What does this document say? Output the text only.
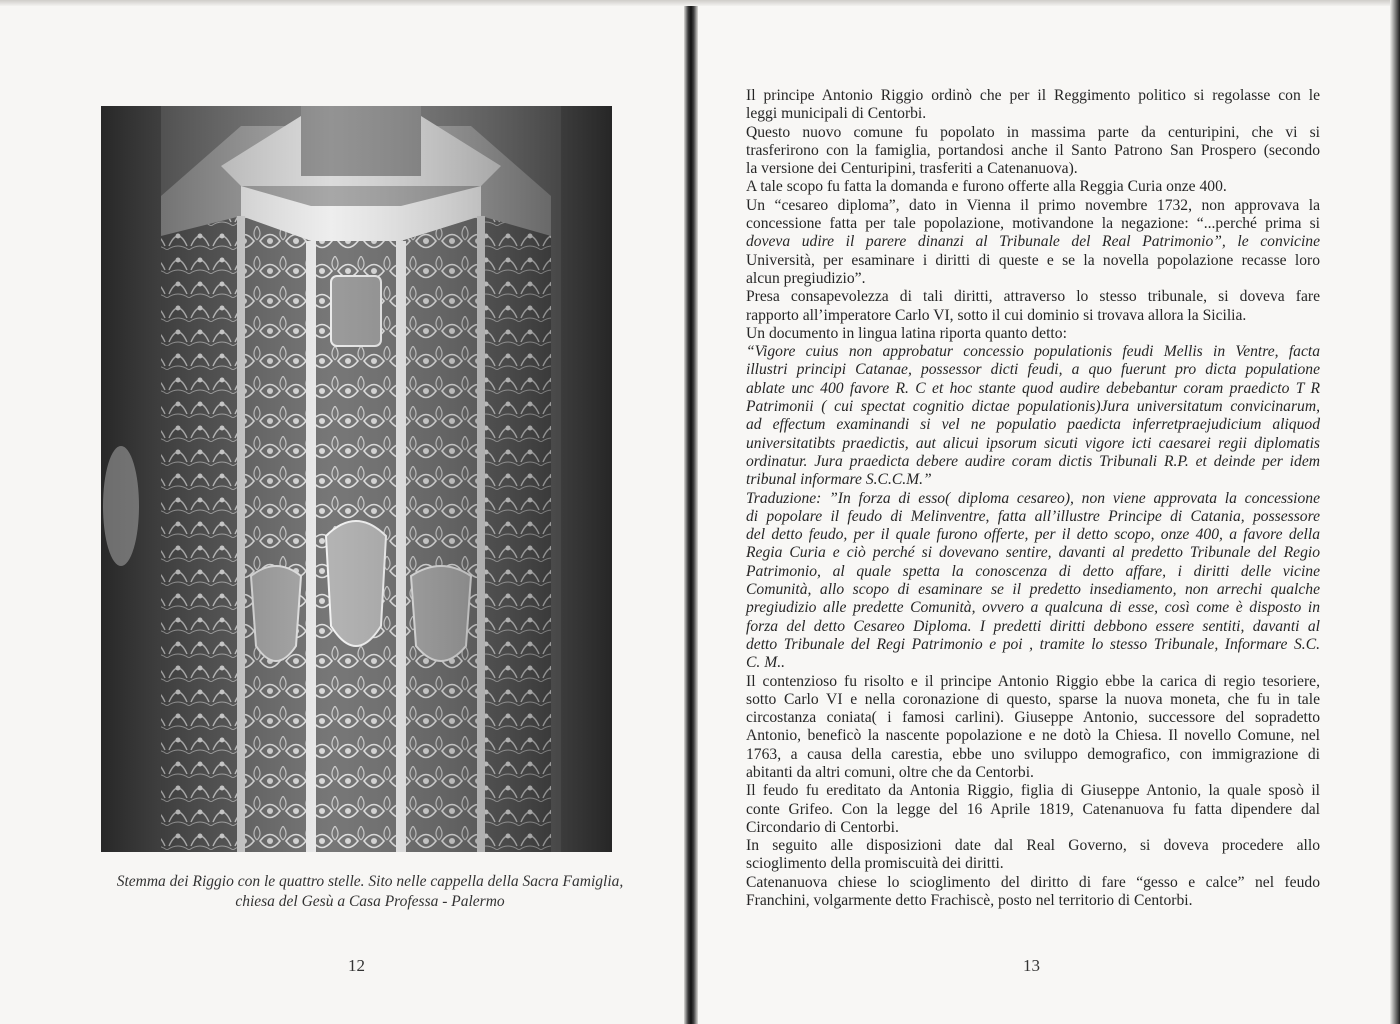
Stemma dei Riggio con le quattro stelle. Sito nelle cappella della Sacra Famiglia,
chiesa del Gesù a Casa Professa - Palermo
12
Il principe Antonio Riggio ordinò che per il Reggimento politico si regolasse con le
leggi municipali di Centorbi.
Questo nuovo comune fu popolato in massima parte da centuripini, che vi si
trasferirono con la famiglia, portandosi anche il Santo Patrono San Prospero (secondo
la versione dei Centuripini, trasferiti a Catenanuova).
A tale scopo fu fatta la domanda e furono offerte alla Reggia Curia onze 400.
Un “cesareo diploma”, dato in Vienna il primo novembre 1732, non approvava la
concessione fatta per tale popolazione, motivandone la negazione: “...perché prima si
doveva udire il parere dinanzi al Tribunale del Real Patrimonio”, le convicine
Università, per esaminare i diritti di queste e se la novella popolazione recasse loro
alcun pregiudizio”.
Presa consapevolezza di tali diritti, attraverso lo stesso tribunale, si doveva fare
rapporto all’imperatore Carlo VI, sotto il cui dominio si trovava allora la Sicilia.
Un documento in lingua latina riporta quanto detto:
“Vigore cuius non approbatur concessio populationis feudi Mellis in Ventre, facta
illustri principi Catanae, possessor dicti feudi, a quo fuerunt pro dicta populatione
ablate unc 400 favore R. C et hoc stante quod audire debebantur coram praedicto T R
Patrimonii ( cui spectat cognitio dictae populationis)Jura universitatum convicinarum,
ad effectum examinandi si vel ne populatio paedicta inferretpraejudicium aliquod
universitatibts praedictis, aut alicui ipsorum sicuti vigore icti caesarei regii diplomatis
ordinatur. Jura praedicta debere audire coram dictis Tribunali R.P. et deinde per idem
tribunal informare S.C.C.M.”
Traduzione: ”In forza di esso( diploma cesareo), non viene approvata la concessione
di popolare il feudo di Melinventre, fatta all’illustre Principe di Catania, possessore
del detto feudo, per il quale furono offerte, per il detto scopo, onze 400, a favore della
Regia Curia e ciò perché si dovevano sentire, davanti al predetto Tribunale del Regio
Patrimonio, al quale spetta la conoscenza di detto affare, i diritti delle vicine
Comunità, allo scopo di esaminare se il predetto insediamento, non arrechi qualche
pregiudizio alle predette Comunità, ovvero a qualcuna di esse, così come è disposto in
forza del detto Cesareo Diploma. I predetti diritti debbono essere sentiti, davanti al
detto Tribunale del Regi Patrimonio e poi , tramite lo stesso Tribunale, Informare S.C.
C. M..
Il contenzioso fu risolto e il principe Antonio Riggio ebbe la carica di regio tesoriere,
sotto Carlo VI e nella coronazione di questo, sparse la nuova moneta, che fu in tale
circostanza coniata( i famosi carlini). Giuseppe Antonio, successore del sopradetto
Antonio, beneficò la nascente popolazione e ne dotò la Chiesa. Il novello Comune, nel
1763, a causa della carestia, ebbe uno sviluppo demografico, con immigrazione di
abitanti da altri comuni, oltre che da Centorbi.
Il feudo fu ereditato da Antonia Riggio, figlia di Giuseppe Antonio, la quale sposò il
conte Grifeo. Con la legge del 16 Aprile 1819, Catenanuova fu fatta dipendere dal
Circondario di Centorbi.
In seguito alle disposizioni date dal Real Governo, si doveva procedere allo
scioglimento della promiscuità dei diritti.
Catenanuova chiese lo scioglimento del diritto di fare “gesso e calce” nel feudo
Franchini, volgarmente detto Frachiscè, posto nel territorio di Centorbi.
13
